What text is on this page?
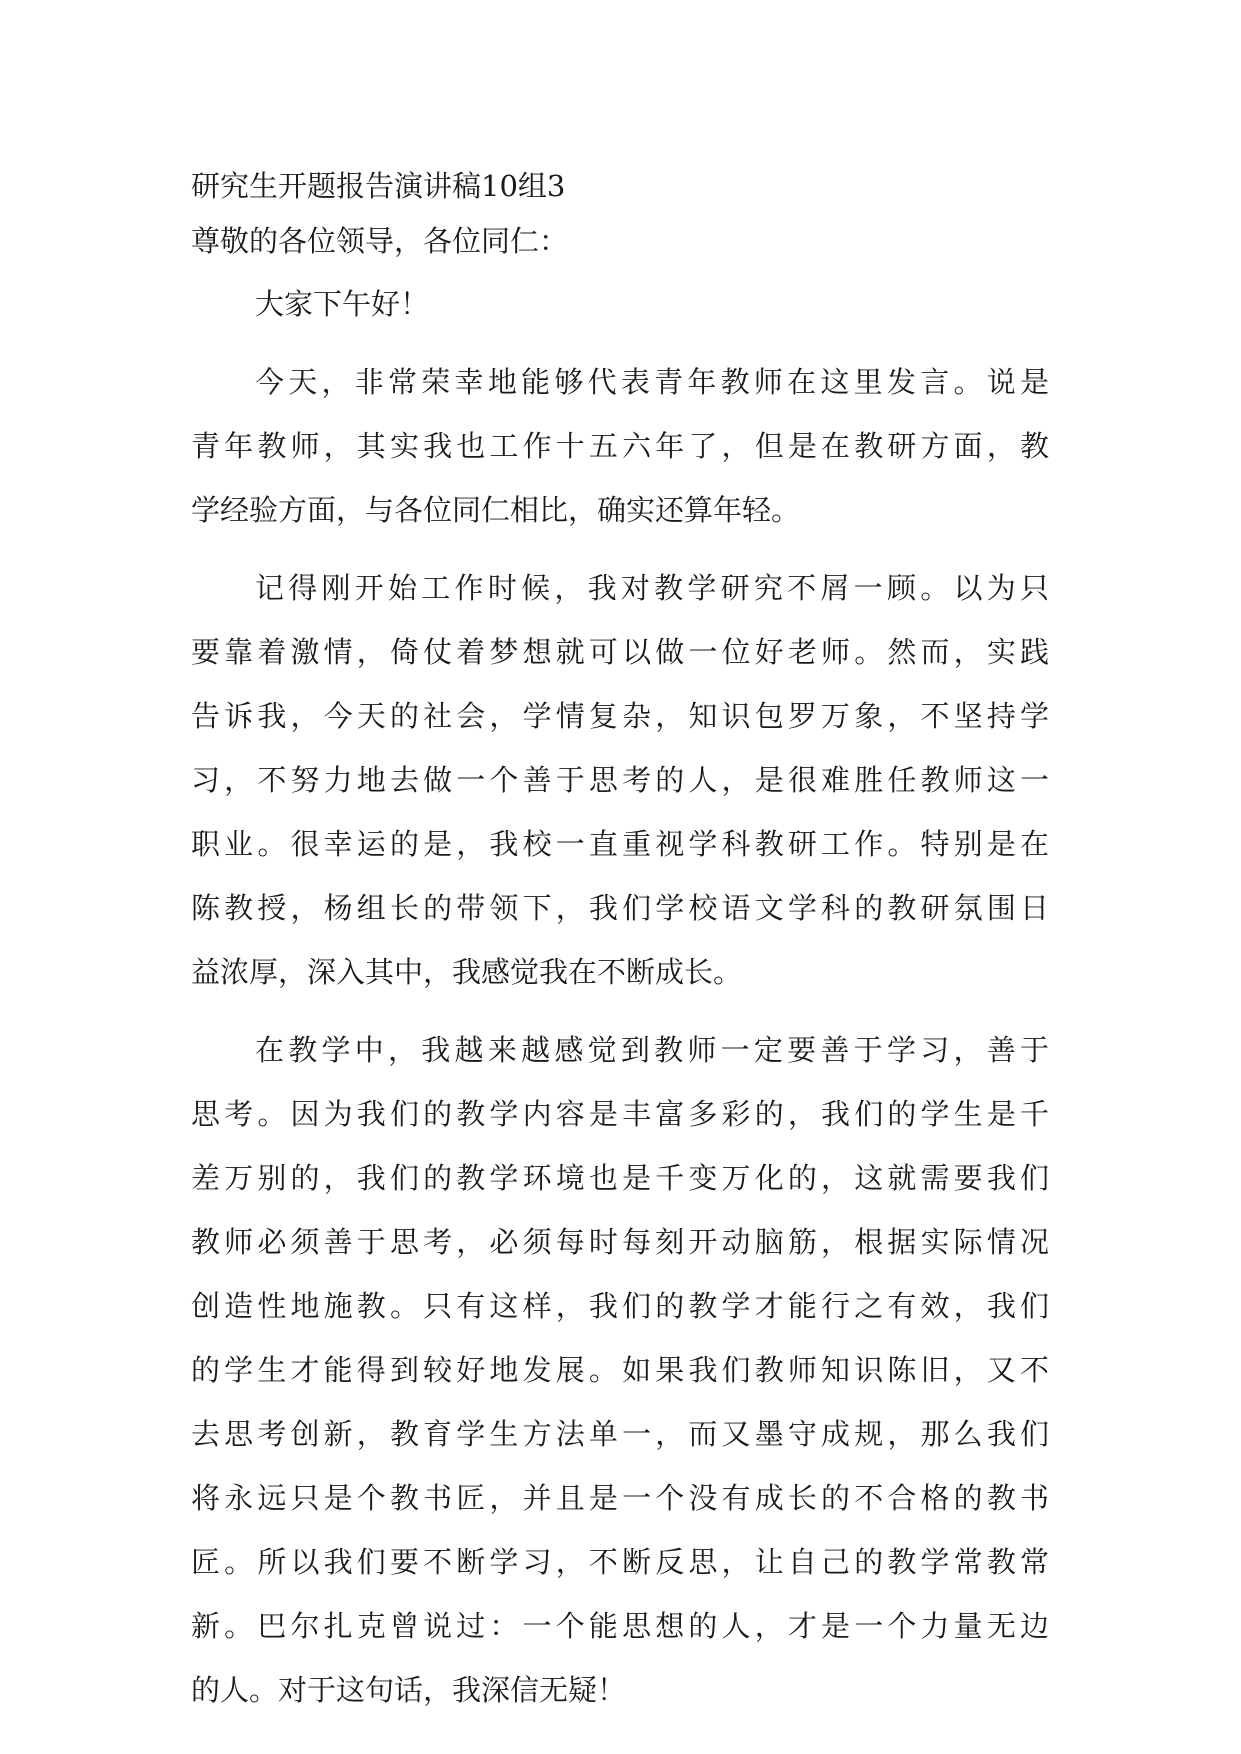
研究生开题报告演讲稿10组3
尊敬的各位领导，各位同仁：
大家下午好！
今天，非常荣幸地能够代表青年教师在这里发言。说是
青年教师，其实我也工作十五六年了，但是在教研方面，教
学经验方面，与各位同仁相比，确实还算年轻。
记得刚开始工作时候，我对教学研究不屑一顾。以为只
要靠着激情，倚仗着梦想就可以做一位好老师。然而，实践
告诉我，今天的社会，学情复杂，知识包罗万象，不坚持学
习，不努力地去做一个善于思考的人，是很难胜任教师这一
职业。很幸运的是，我校一直重视学科教研工作。特别是在
陈教授，杨组长的带领下，我们学校语文学科的教研氛围日
益浓厚，深入其中，我感觉我在不断成长。
在教学中，我越来越感觉到教师一定要善于学习，善于
思考。因为我们的教学内容是丰富多彩的，我们的学生是千
差万别的，我们的教学环境也是千变万化的，这就需要我们
教师必须善于思考，必须每时每刻开动脑筋，根据实际情况
创造性地施教。只有这样，我们的教学才能行之有效，我们
的学生才能得到较好地发展。如果我们教师知识陈旧，又不
去思考创新，教育学生方法单一，而又墨守成规，那么我们
将永远只是个教书匠，并且是一个没有成长的不合格的教书
匠。所以我们要不断学习，不断反思，让自己的教学常教常
新。巴尔扎克曾说过：一个能思想的人，才是一个力量无边
的人。对于这句话，我深信无疑！
